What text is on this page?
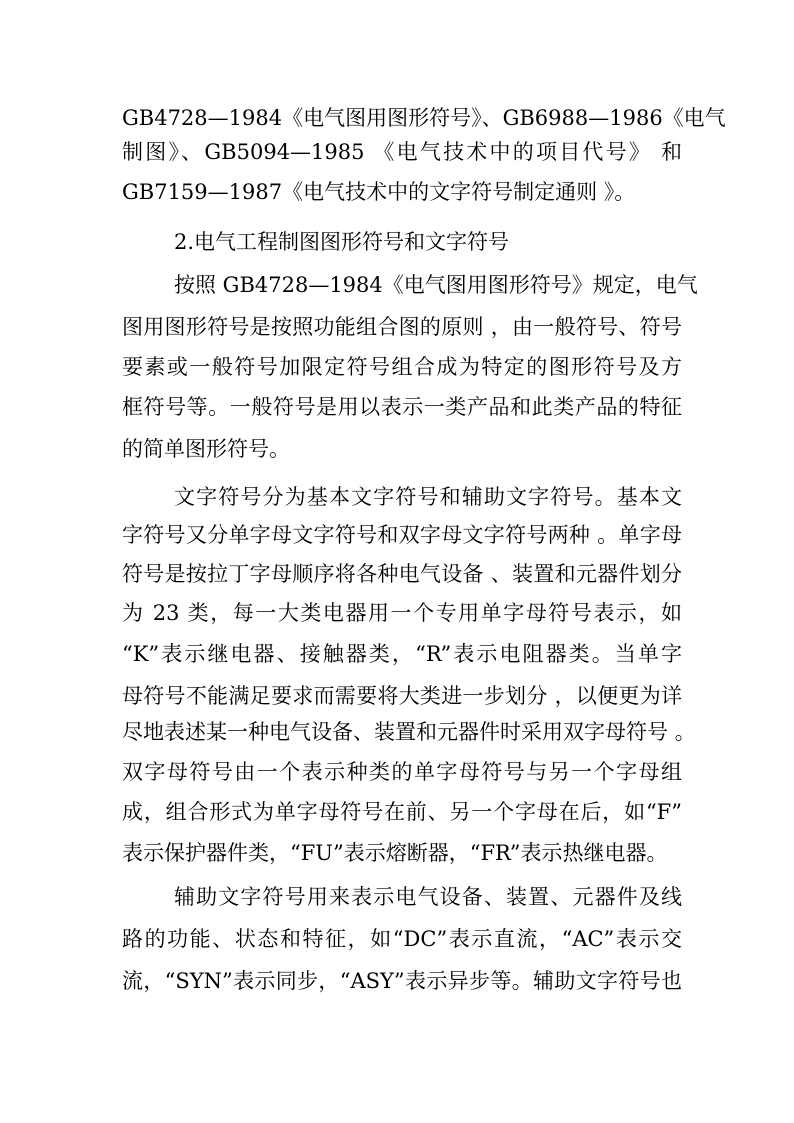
GB4728—1984《电气图用图形符号》、GB6988—1986《电气
制图》、GB5094—1985 《电气技术中的项目代号》 和
GB7159—1987《电气技术中的文字符号制定通则 》。
2.电气工程制图图形符号和文字符号
按照 GB4728—1984《电气图用图形符号》规定，电气
图用图形符号是按照功能组合图的原则 ，由一般符号、符号
要素或一般符号加限定符号组合成为特定的图形符号及方
框符号等。一般符号是用以表示一类产品和此类产品的特征
的简单图形符号。
文字符号分为基本文字符号和辅助文字符号。基本文
字符号又分单字母文字符号和双字母文字符号两种 。单字母
符号是按拉丁字母顺序将各种电气设备 、装置和元器件划分
为 23 类，每一大类电器用一个专用单字母符号表示，如
“K”表示继电器、接触器类，“R”表示电阻器类。当单字
母符号不能满足要求而需要将大类进一步划分 ，以便更为详
尽地表述某一种电气设备、装置和元器件时采用双字母符号 。
双字母符号由一个表示种类的单字母符号与另一个字母组
成，组合形式为单字母符号在前、另一个字母在后，如“F”
表示保护器件类，“FU”表示熔断器，“FR”表示热继电器。
辅助文字符号用来表示电气设备、装置、元器件及线
路的功能、状态和特征，如“DC”表示直流，“AC”表示交
流，“SYN”表示同步，“ASY”表示异步等。辅助文字符号也
